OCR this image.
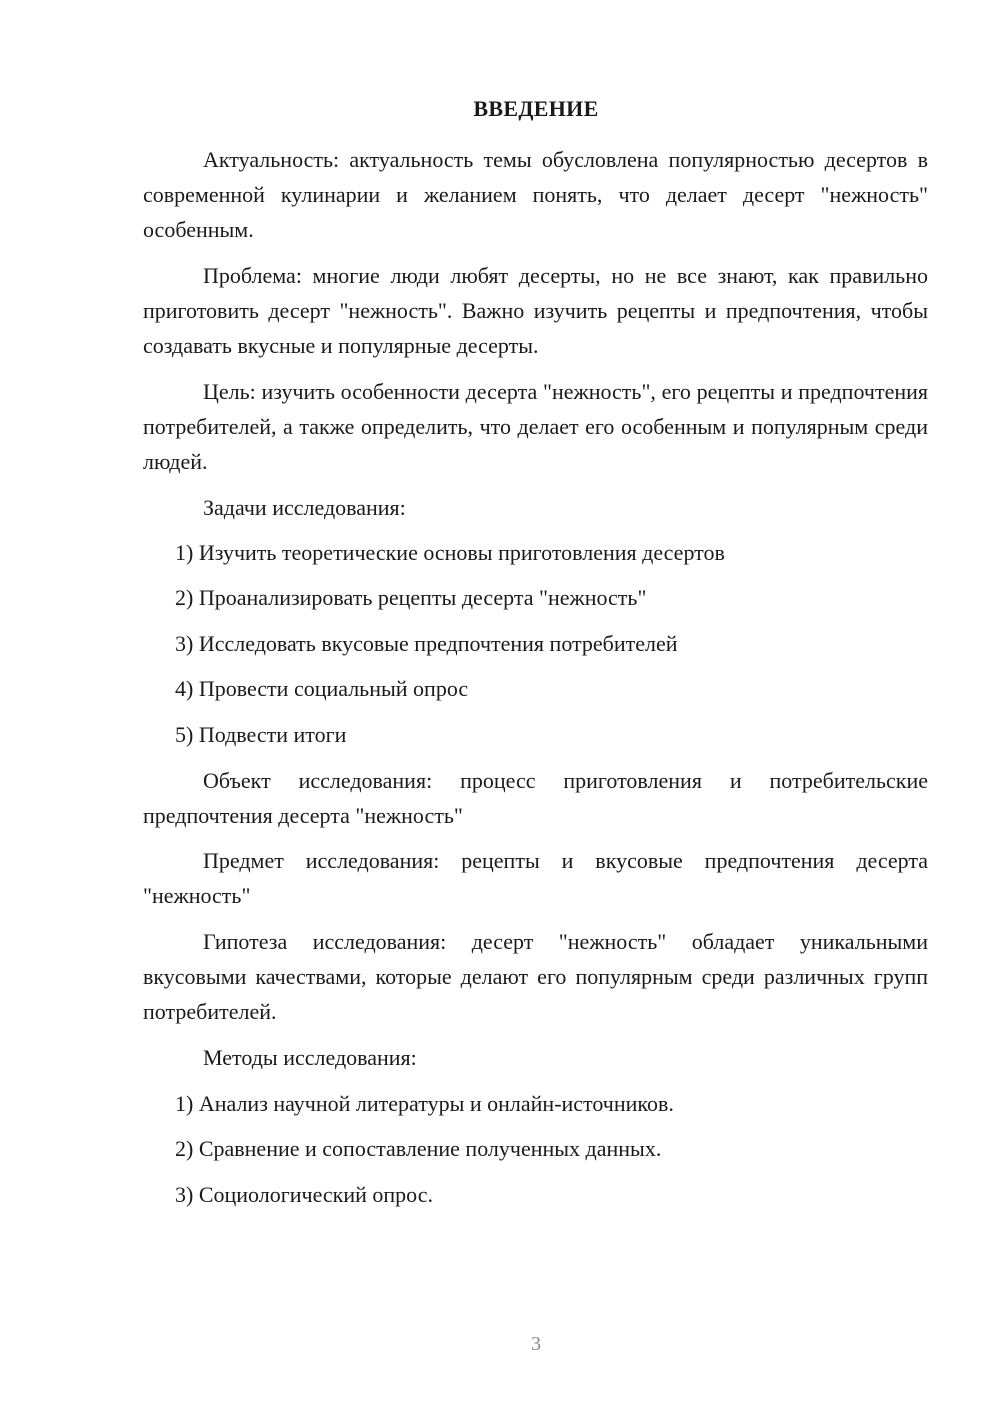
ВВЕДЕНИЕ
Актуальность: актуальность темы обусловлена популярностью десертов в современной кулинарии и желанием понять, что делает десерт "нежность" особенным.
Проблема: многие люди любят десерты, но не все знают, как правильно приготовить десерт "нежность". Важно изучить рецепты и предпочтения, чтобы создавать вкусные и популярные десерты.
Цель: изучить особенности десерта "нежность", его рецепты и предпочтения потребителей, а также определить, что делает его особенным и популярным среди людей.
Задачи исследования:
1) Изучить теоретические основы приготовления десертов
2) Проанализировать рецепты десерта "нежность"
3) Исследовать вкусовые предпочтения потребителей
4) Провести социальный опрос
5) Подвести итоги
Объект исследования: процесс приготовления и потребительские предпочтения десерта "нежность"
Предмет исследования: рецепты и вкусовые предпочтения десерта "нежность"
Гипотеза исследования: десерт "нежность" обладает уникальными вкусовыми качествами, которые делают его популярным среди различных групп потребителей.
Методы исследования:
1) Анализ научной литературы и онлайн-источников.
2) Сравнение и сопоставление полученных данных.
3) Социологический опрос.
3
